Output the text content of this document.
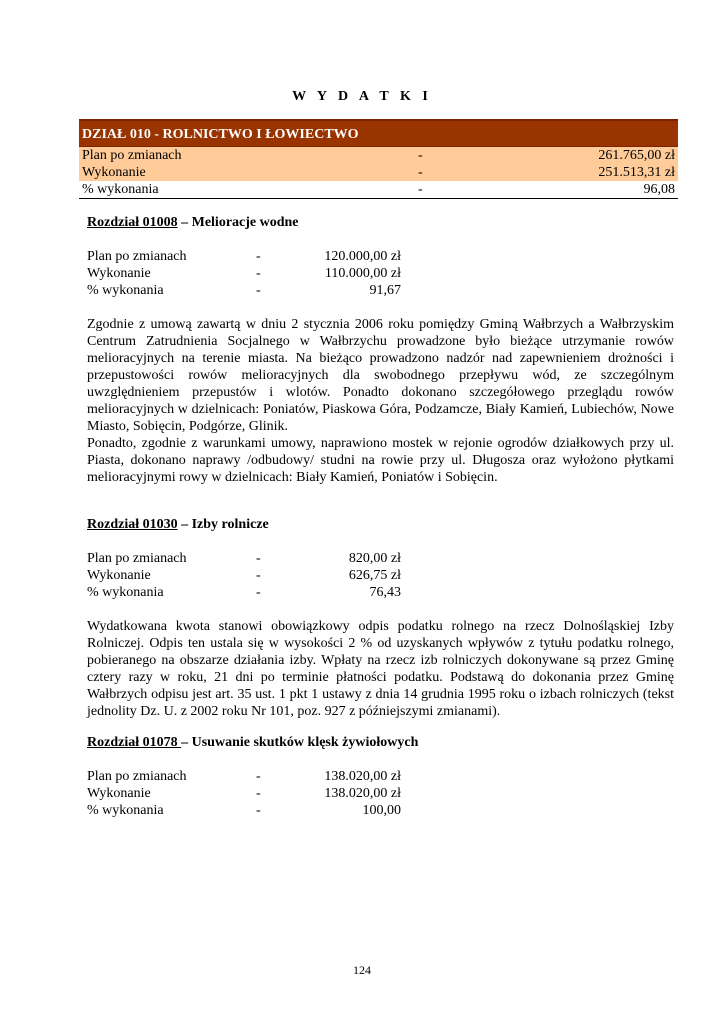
W Y D A T K I
DZIAŁ 010 - ROLNICTWO I ŁOWIECTWO
Plan po zmianach	-	261.765,00 zł
Wykonanie	-	251.513,31 zł
% wykonania	-	96,08
Rozdział 01008 – Melioracje wodne
Plan po zmianach	-	120.000,00 zł
Wykonanie	-	110.000,00 zł
% wykonania	-	91,67

Zgodnie z umową zawartą w dniu 2 stycznia 2006 roku pomiędzy Gminą Wałbrzych a Wałbrzyskim Centrum Zatrudnienia Socjalnego w Wałbrzychu prowadzone było bieżące utrzymanie rowów melioracyjnych na terenie miasta. Na bieżąco prowadzono nadzór nad zapewnieniem drożności i przepustowości rowów melioracyjnych dla swobodnego przepływu wód, ze szczególnym uwzględnieniem przepustów i wlotów. Ponadto dokonano szczegółowego przeglądu rowów melioracyjnych w dzielnicach: Poniatów, Piaskowa Góra, Podzamcze, Biały Kamień, Lubiechów, Nowe Miasto, Sobięcin, Podgórze, Glinik.

Ponadto, zgodnie z warunkami umowy, naprawiono mostek w rejonie ogrodów działkowych przy ul. Piasta, dokonano naprawy /odbudowy/ studni na rowie przy ul. Długosza oraz wyłożono płytkami melioracyjnymi rowy w dzielnicach: Biały Kamień, Poniatów i Sobięcin.

Rozdział 01030 – Izby rolnicze
Plan po zmianach	-	820,00 zł
Wykonanie	-	626,75 zł
% wykonania	-	76,43

Wydatkowana kwota stanowi obowiązkowy odpis podatku rolnego na rzecz Dolnośląskiej Izby Rolniczej. Odpis ten ustala się w wysokości 2 % od uzyskanych wpływów z tytułu podatku rolnego, pobieranego na obszarze działania izby. Wpłaty na rzecz izb rolniczych dokonywane są przez Gminę cztery razy w roku, 21 dni po terminie płatności podatku. Podstawą do dokonania przez Gminę Wałbrzych odpisu jest art. 35 ust. 1 pkt 1 ustawy z dnia 14 grudnia 1995 roku o izbach rolniczych (tekst jednolity Dz. U. z 2002 roku Nr 101, poz. 927 z późniejszymi zmianami).

Rozdział 01078 – Usuwanie skutków klęsk żywiołowych
Plan po zmianach	-	138.020,00 zł
Wykonanie	-	138.020,00 zł
% wykonania	-	100,00
124
